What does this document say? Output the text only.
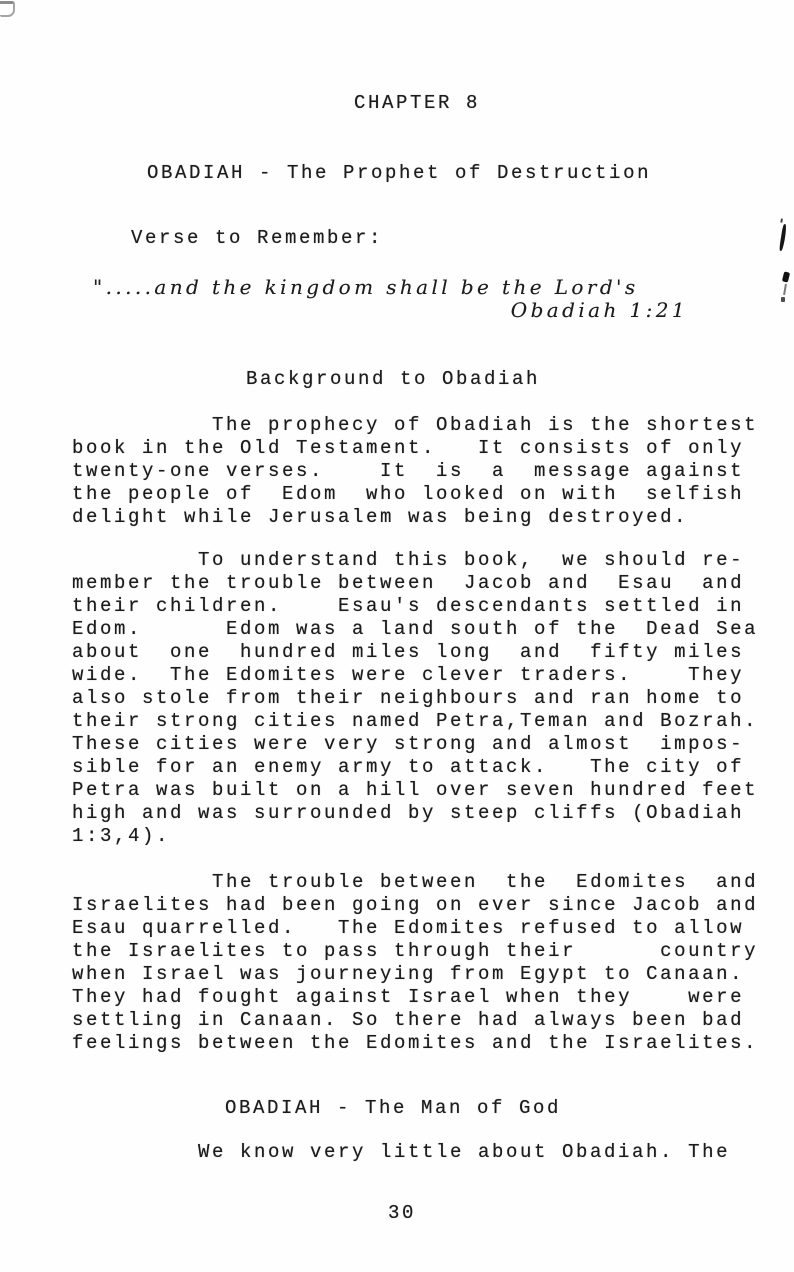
CHAPTER 8
OBADIAH - The Prophet of Destruction
Verse to Remember:
".....and the kingdom shall be the Lord's
Obadiah 1:21
Background to Obadiah
The prophecy of Obadiah is the shortest
book in the Old Testament.   It consists of only
twenty-one verses.    It  is  a  message against
the people of  Edom  who looked on with  selfish
delight while Jerusalem was being destroyed.
To understand this book,  we should re-
member the trouble between  Jacob and  Esau  and
their children.    Esau's descendants settled in
Edom.      Edom was a land south of the  Dead Sea
about  one  hundred miles long  and  fifty miles
wide.  The Edomites were clever traders.    They
also stole from their neighbours and ran home to
their strong cities named Petra,Teman and Bozrah.
These cities were very strong and almost  impos-
sible for an enemy army to attack.   The city of
Petra was built on a hill over seven hundred feet
high and was surrounded by steep cliffs (Obadiah
1:3,4).
The trouble between  the  Edomites  and
Israelites had been going on ever since Jacob and
Esau quarrelled.   The Edomites refused to allow
the Israelites to pass through their      country
when Israel was journeying from Egypt to Canaan.
They had fought against Israel when they    were
settling in Canaan. So there had always been bad
feelings between the Edomites and the Israelites.
OBADIAH - The Man of God
We know very little about Obadiah. The
30
